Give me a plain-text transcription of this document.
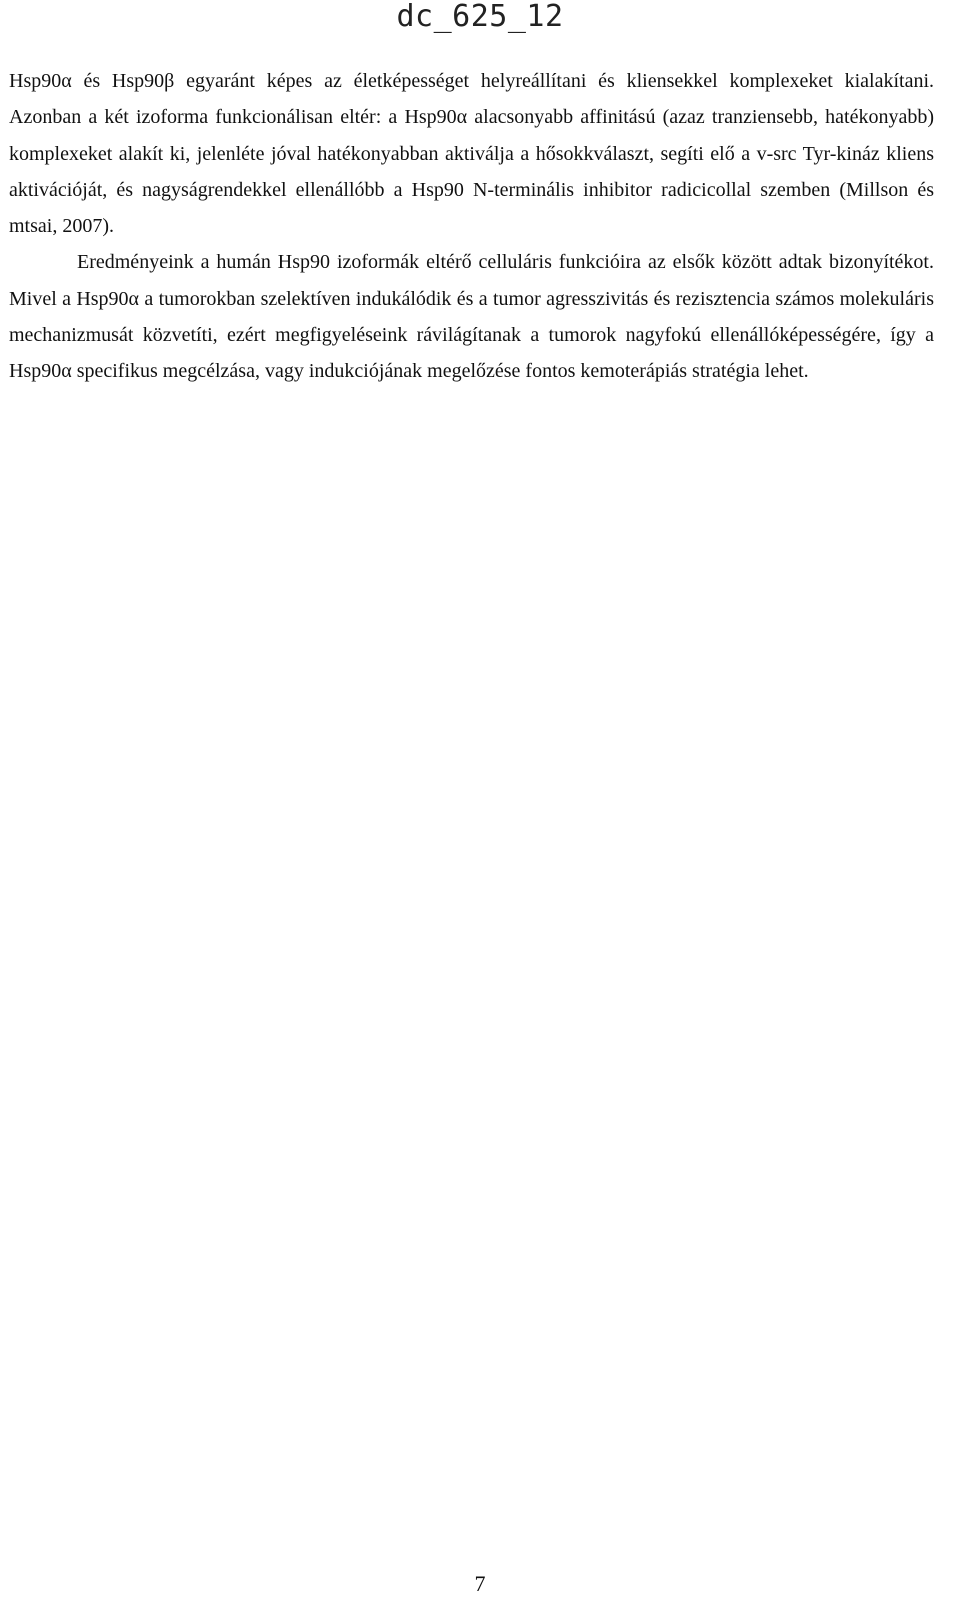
dc_625_12

Hsp90α és Hsp90β egyaránt képes az életképességet helyreállítani és kliensekkel komplexeket kialakítani. Azonban a két izoforma funkcionálisan eltér: a Hsp90α alacsonyabb affinitású (azaz tranziensebb, hatékonyabb) komplexeket alakít ki, jelenléte jóval hatékonyabban aktiválja a hősokkválaszt, segíti elő a v-src Tyr-kináz kliens aktivációját, és nagyságrendekkel ellenállóbb a Hsp90 N-terminális inhibitor radicicollal szemben (Millson és mtsai, 2007).

Eredményeink a humán Hsp90 izoformák eltérő celluláris funkcióira az elsők között adtak bizonyítékot. Mivel a Hsp90α a tumorokban szelektíven indukálódik és a tumor agresszivitás és rezisztencia számos molekuláris mechanizmusát közvetíti, ezért megfigyeléseink rávilágítanak a tumorok nagyfokú ellenállóképességére, így a Hsp90α specifikus megcélzása, vagy indukciójának megelőzése fontos kemoterápiás stratégia lehet.

7
